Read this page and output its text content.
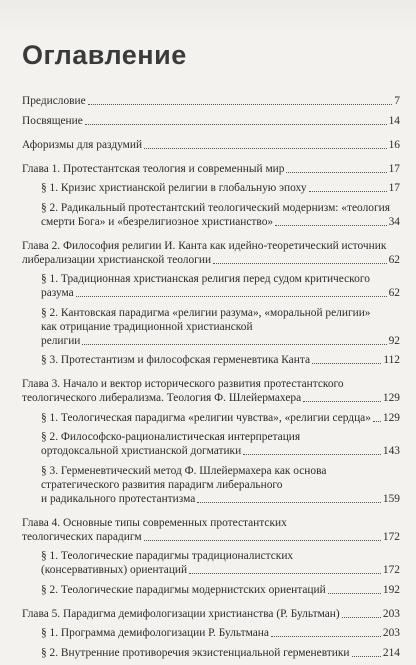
Оглавление
Предисловие	7
Посвящение	14
Афоризмы для раздумий	16
Глава 1. Протестантская теология и современный мир	17
§ 1. Кризис христианской религии в глобальную эпоху	17
§ 2. Радикальный протестантский теологический модернизм: «теология
смерти Бога» и «безрелигиозное христианство»	34
Глава 2. Философия религии И. Канта как идейно-теоретический источник
либерализации христианской теологии	62
§ 1. Традиционная христианская религия перед судом критического
разума	62
§ 2. Кантовская парадигма «религии разума», «моральной религии»
как отрицание традиционной христианской
религии	92
§ 3. Протестантизм и философская герменевтика Канта	112
Глава 3. Начало и вектор исторического развития протестантского
теологического либерализма. Теология Ф. Шлейермахера	129
§ 1. Теологическая парадигма «религии чувства», «религии сердца» 129
§ 2. Философско-рационалистическая интерпретация
ортодоксальной христианской догматики	143
§ 3. Герменевтический метод Ф. Шлейермахера как основа
стратегического развития парадигм либерального
и радикального протестантизма	159
Глава 4. Основные типы современных протестантских
теологических парадигм	172
§ 1. Теологические парадигмы традиционалистских
(консервативных) ориентаций	172
§ 2. Теологические парадигмы модернистских ориентаций	192
Глава 5. Парадигма демифологизации христианства (Р. Бультман)	203
§ 1. Программа демифологизации Р. Бультмана	203
§ 2. Внутренние противоречия экзистенциальной герменевтики	214
